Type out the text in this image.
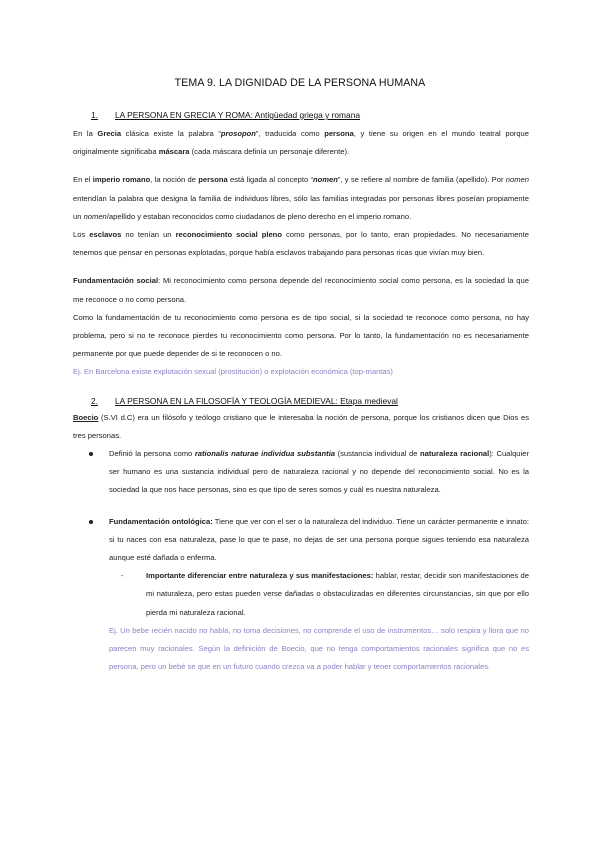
TEMA 9. LA DIGNIDAD DE LA PERSONA HUMANA
1.	LA PERSONA EN GRECIA Y ROMA: Antigüedad griega y romana

En la Grecia clásica existe la palabra “prosopon”, traducida como persona, y tiene su origen en el mundo teatral porque originalmente significaba máscara (cada máscara definía un personaje diferente).

En el imperio romano, la noción de persona está ligada al concepto “nomen”, y se refiere al nombre de familia (apellido). Por nomen entendían la palabra que designa la familia de individuos libres, sólo las familias integradas por personas libres poseían propiamente un nomen/apellido y estaban reconocidos como ciudadanos de pleno derecho en el imperio romano.

Los esclavos no tenían un reconocimiento social pleno como personas, por lo tanto, eran propiedades. No necesariamente tenemos que pensar en personas explotadas, porque había esclavos trabajando para personas ricas que vivían muy bien.

Fundamentación social: Mi reconocimiento como persona depende del reconocimiento social como persona, es la sociedad la que me reconoce o no como persona.

Como la fundamentación de tu reconocimiento como persona es de tipo social, si la sociedad te reconoce como persona, no hay problema, pero si no te reconoce pierdes tu reconocimiento como persona. Por lo tanto, la fundamentación no es necesariamente permanente por que puede depender de si te reconocen o no.

Ej. En Barcelona existe explotación sexual (prostitución) o explotación económica (top-mantas)

2.	LA PERSONA EN LA FILOSOFÍA Y TEOLOGÍA MEDIEVAL: Etapa medieval

Boecio (S.VI d.C) era un filósofo y teólogo cristiano que le interesaba la noción de persona, porque los cristianos dicen que Dios es tres personas.

Definió la persona como rationalis naturae individua substantia (sustancia individual de naturaleza racional): Cualquier ser humano es una sustancia individual pero de naturaleza racional y no depende del reconocimiento social. No es la sociedad la que nos hace personas, sino es que tipo de seres somos y cuál es nuestra naturaleza.

Fundamentación ontológica: Tiene que ver con el ser o la naturaleza del individuo. Tiene un carácter permanente e innato: si tu naces con esa naturaleza, pase lo que te pase, no dejas de ser una persona porque sigues teniendo esa naturaleza aunque esté dañada o enferma.

-	Importante diferenciar entre naturaleza y sus manifestaciones: hablar, restar, decidir son manifestaciones de mi naturaleza, pero estas pueden verse dañadas o obstaculizadas en diferentes circunstancias, sin que por ello pierda mi naturaleza racional.

Ej. Un bebe recién nacido no habla, no toma decisiones, no comprende el uso de instrumentos… solo respira y llora que no parecen muy racionales. Según la definición de Boecio, que no tenga comportamientos racionales significa que no es persona, pero un bebé se que en un futuro cuando crezca va a poder hablar y tener comportamientos racionales.
